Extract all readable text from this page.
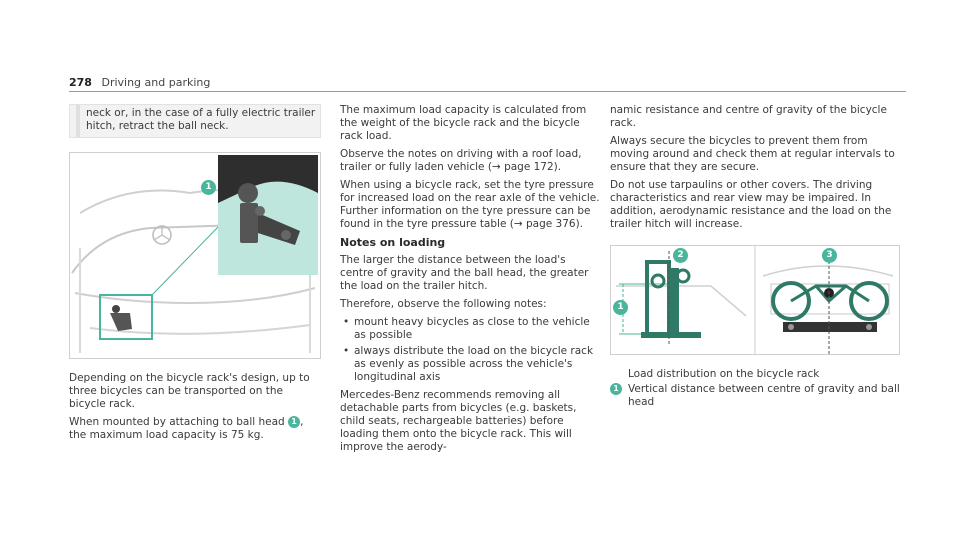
278 Driving and parking

neck or, in the case of a fully electric trailer hitch, retract the ball neck.

1

Depending on the bicycle rack's design, up to three bicycles can be transported on the bicycle rack.

When mounted by attaching to ball head 1 , the maximum load capacity is 75 kg.

The maximum load capacity is calculated from the weight of the bicycle rack and the bicycle rack load.

Observe the notes on driving with a roof load, trailer or fully laden vehicle (→ page 172).

When using a bicycle rack, set the tyre pressure for increased load on the rear axle of the vehicle. Further information on the tyre pressure can be found in the tyre pressure table (→ page 376).

Notes on loading

The larger the distance between the load's centre of gravity and the ball head, the greater the load on the trailer hitch.

Therefore, observe the following notes:

• mount heavy bicycles as close to the vehicle as possible
• always distribute the load on the bicycle rack as evenly as possible across the vehicle's longitudinal axis

Mercedes-Benz recommends removing all detachable parts from bicycles (e.g. baskets, child seats, rechargeable batteries) before loading them onto the bicycle rack. This will improve the aerody-

namic resistance and centre of gravity of the bicycle rack.

Always secure the bicycles to prevent them from moving around and check them at regular intervals to ensure that they are secure.

Do not use tarpaulins or other covers. The driving characteristics and rear view may be impaired. In addition, aerodynamic resistance and the load on the trailer hitch will increase.

1
2	3
Load distribution on the bicycle rack
1 Vertical distance between centre of gravity and ball head
